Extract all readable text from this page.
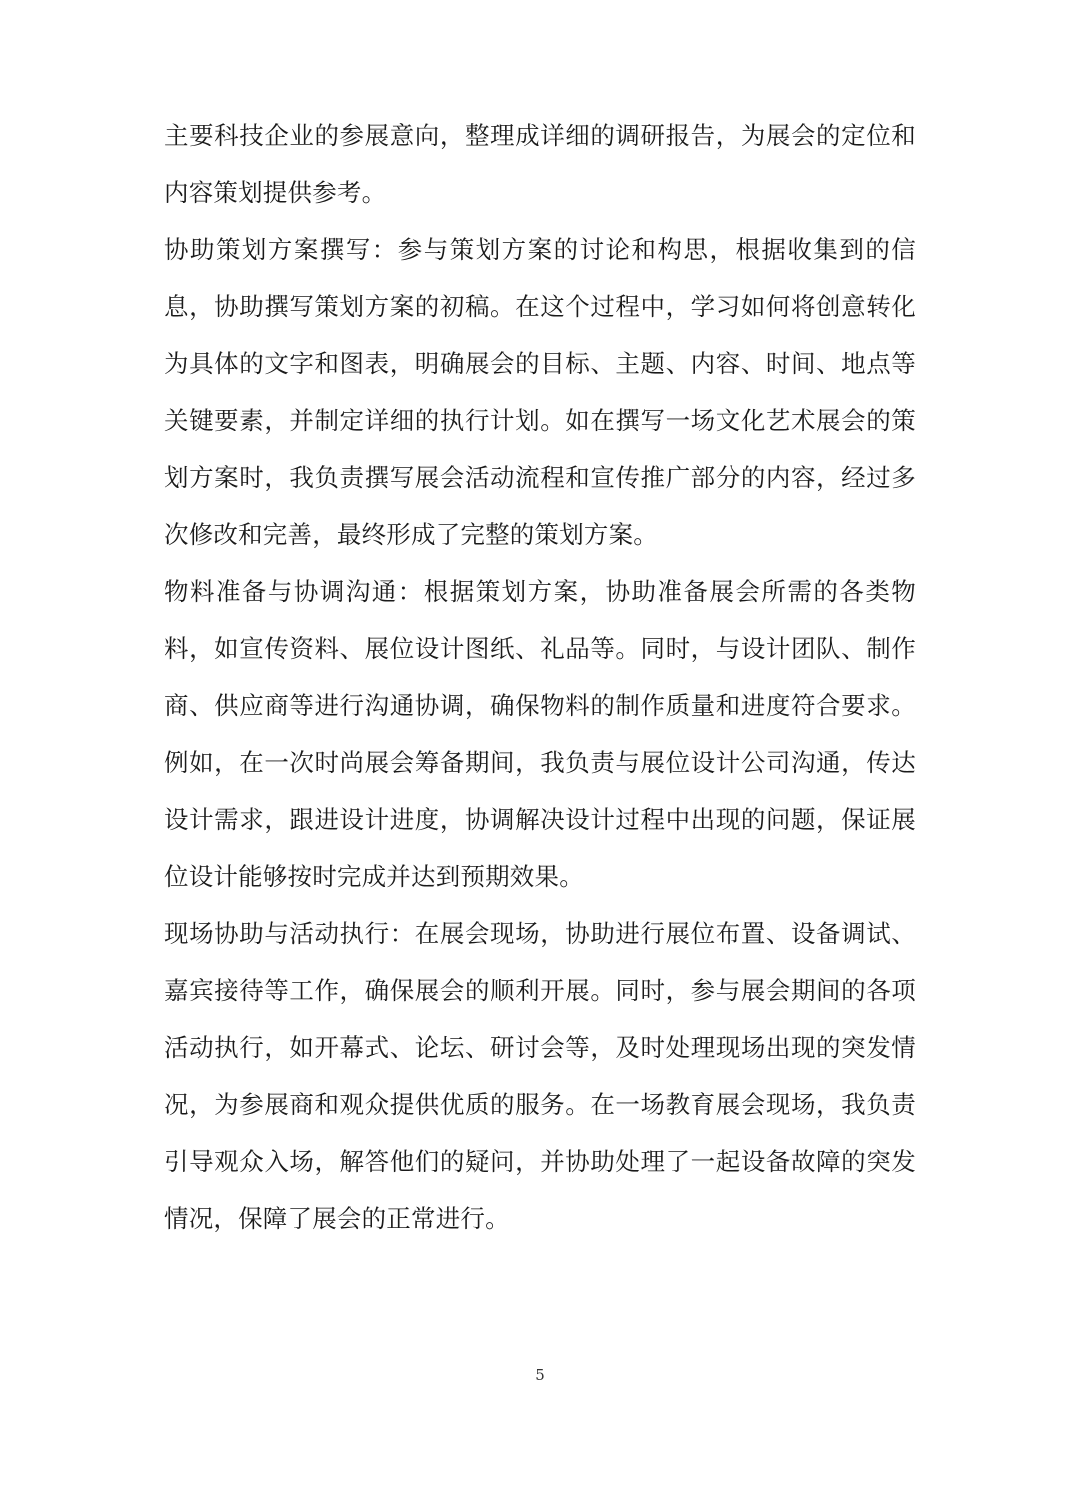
主要科技企业的参展意向，整理成详细的调研报告，为展会的定位和内容策划提供参考。

协助策划方案撰写：参与策划方案的讨论和构思，根据收集到的信息，协助撰写策划方案的初稿。在这个过程中，学习如何将创意转化为具体的文字和图表，明确展会的目标、主题、内容、时间、地点等关键要素，并制定详细的执行计划。如在撰写一场文化艺术展会的策划方案时，我负责撰写展会活动流程和宣传推广部分的内容，经过多次修改和完善，最终形成了完整的策划方案。

物料准备与协调沟通：根据策划方案，协助准备展会所需的各类物料，如宣传资料、展位设计图纸、礼品等。同时，与设计团队、制作商、供应商等进行沟通协调，确保物料的制作质量和进度符合要求。例如，在一次时尚展会筹备期间，我负责与展位设计公司沟通，传达设计需求，跟进设计进度，协调解决设计过程中出现的问题，保证展位设计能够按时完成并达到预期效果。

现场协助与活动执行：在展会现场，协助进行展位布置、设备调试、嘉宾接待等工作，确保展会的顺利开展。同时，参与展会期间的各项活动执行，如开幕式、论坛、研讨会等，及时处理现场出现的突发情况，为参展商和观众提供优质的服务。在一场教育展会现场，我负责引导观众入场，解答他们的疑问，并协助处理了一起设备故障的突发情况，保障了展会的正常进行。

5
